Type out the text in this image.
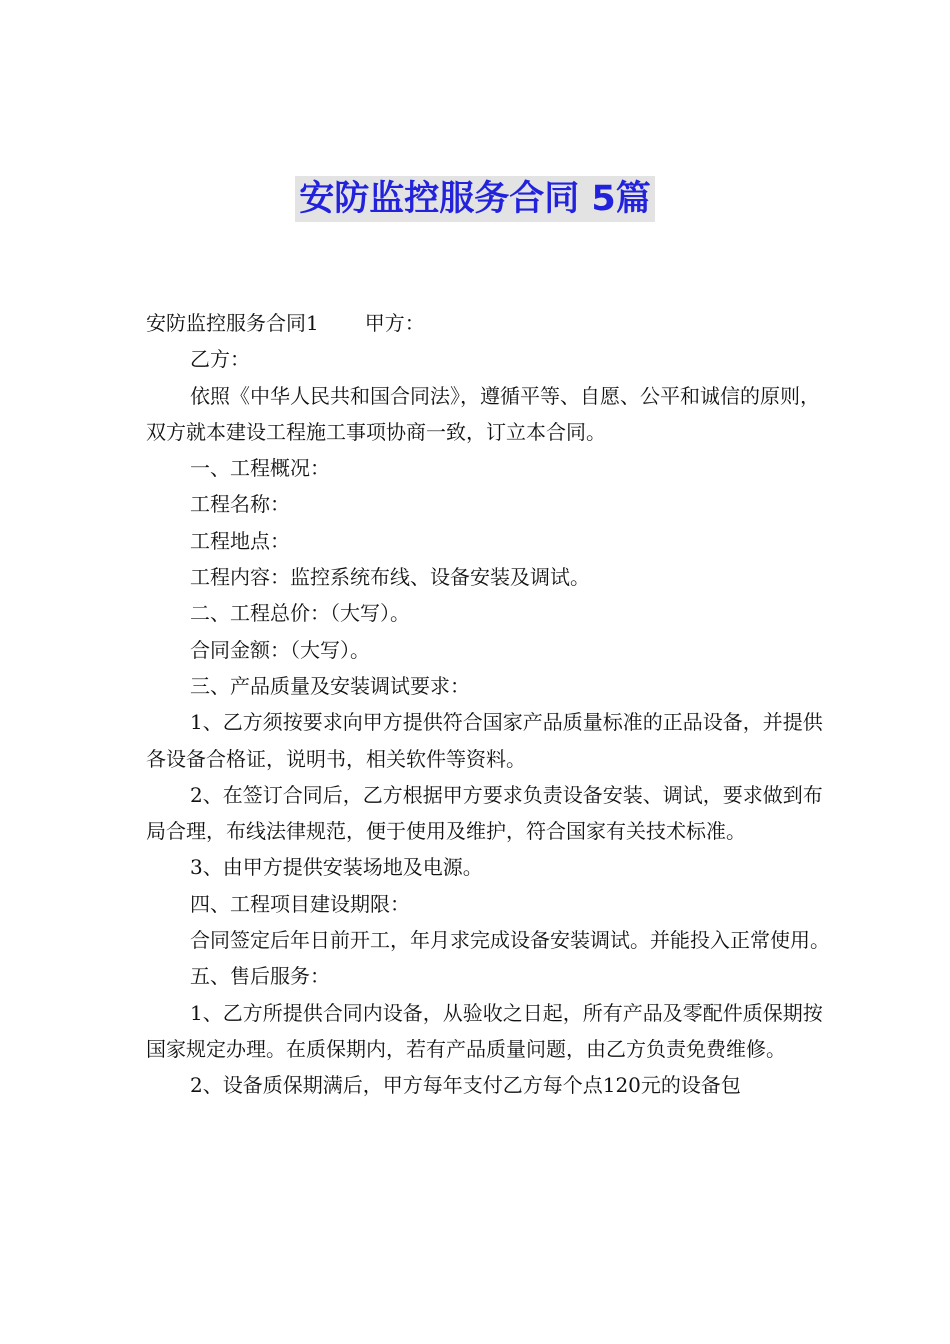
安防监控服务合同 5篇

安防监控服务合同1 甲方：

乙方：

依照《中华人民共和国合同法》，遵循平等、自愿、公平和诚信的原则，双方就本建设工程施工事项协商一致，订立本合同。

一、工程概况：

工程名称：

工程地点：

工程内容：监控系统布线、设备安装及调试。

二、工程总价：（大写）。

合同金额：（大写）。

三、产品质量及安装调试要求：

1、乙方须按要求向甲方提供符合国家产品质量标准的正品设备，并提供各设备合格证，说明书，相关软件等资料。

2、在签订合同后，乙方根据甲方要求负责设备安装、调试，要求做到布局合理，布线法律规范，便于使用及维护，符合国家有关技术标准。

3、由甲方提供安装场地及电源。

四、工程项目建设期限：

合同签定后年日前开工，年月求完成设备安装调试。并能投入正常使用。

五、售后服务：

1、乙方所提供合同内设备，从验收之日起，所有产品及零配件质保期按国家规定办理。在质保期内，若有产品质量问题，由乙方负责免费维修。

2、设备质保期满后，甲方每年支付乙方每个点120元的设备包
